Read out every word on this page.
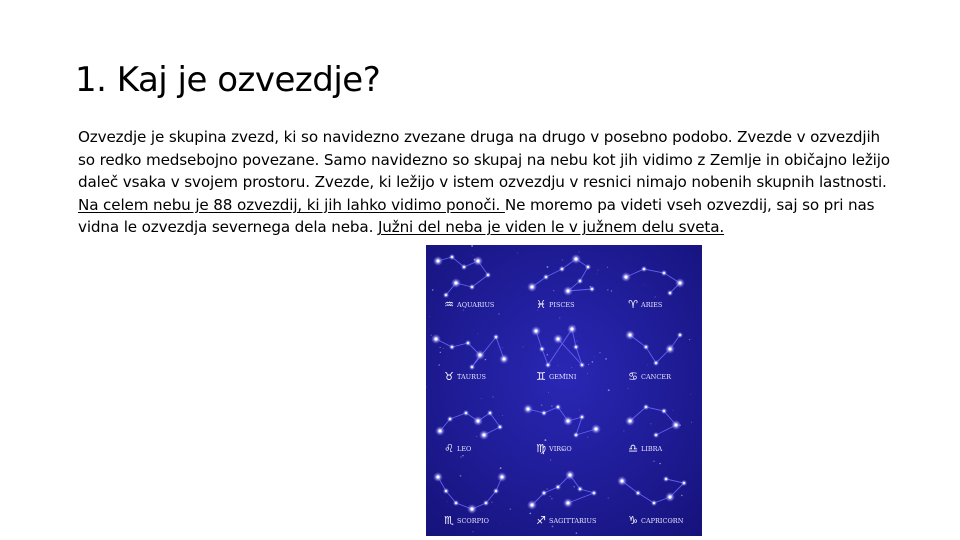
1. Kaj je ozvezdje?

Ozvezdje je skupina zvezd, ki so navidezno zvezane druga na drugo v posebno podobo. Zvezde v ozvezdjih so redko medsebojno povezane. Samo navidezno so skupaj na nebu kot jih vidimo z Zemlje in običajno ležijo daleč vsaka v svojem prostoru. Zvezde, ki ležijo v istem ozvezdju v resnici nimajo nobenih skupnih lastnosti. Na celem nebu je 88 ozvezdij, ki jih lahko vidimo ponoči. Ne moremo pa videti vseh ozvezdij, saj so pri nas vidna le ozvezdja severnega dela neba. Južni del neba je viden le v južnem delu sveta.

♒ AQUARIUS	♓ PISCES	♈ ARIES
♉ TAURUS	♊ GEMINI	♋ CANCER
♌ LEO	♍ VIRGO	♎ LIBRA
♏ SCORPIO	♐ SAGITTARIUS	♑ CAPRICORN
